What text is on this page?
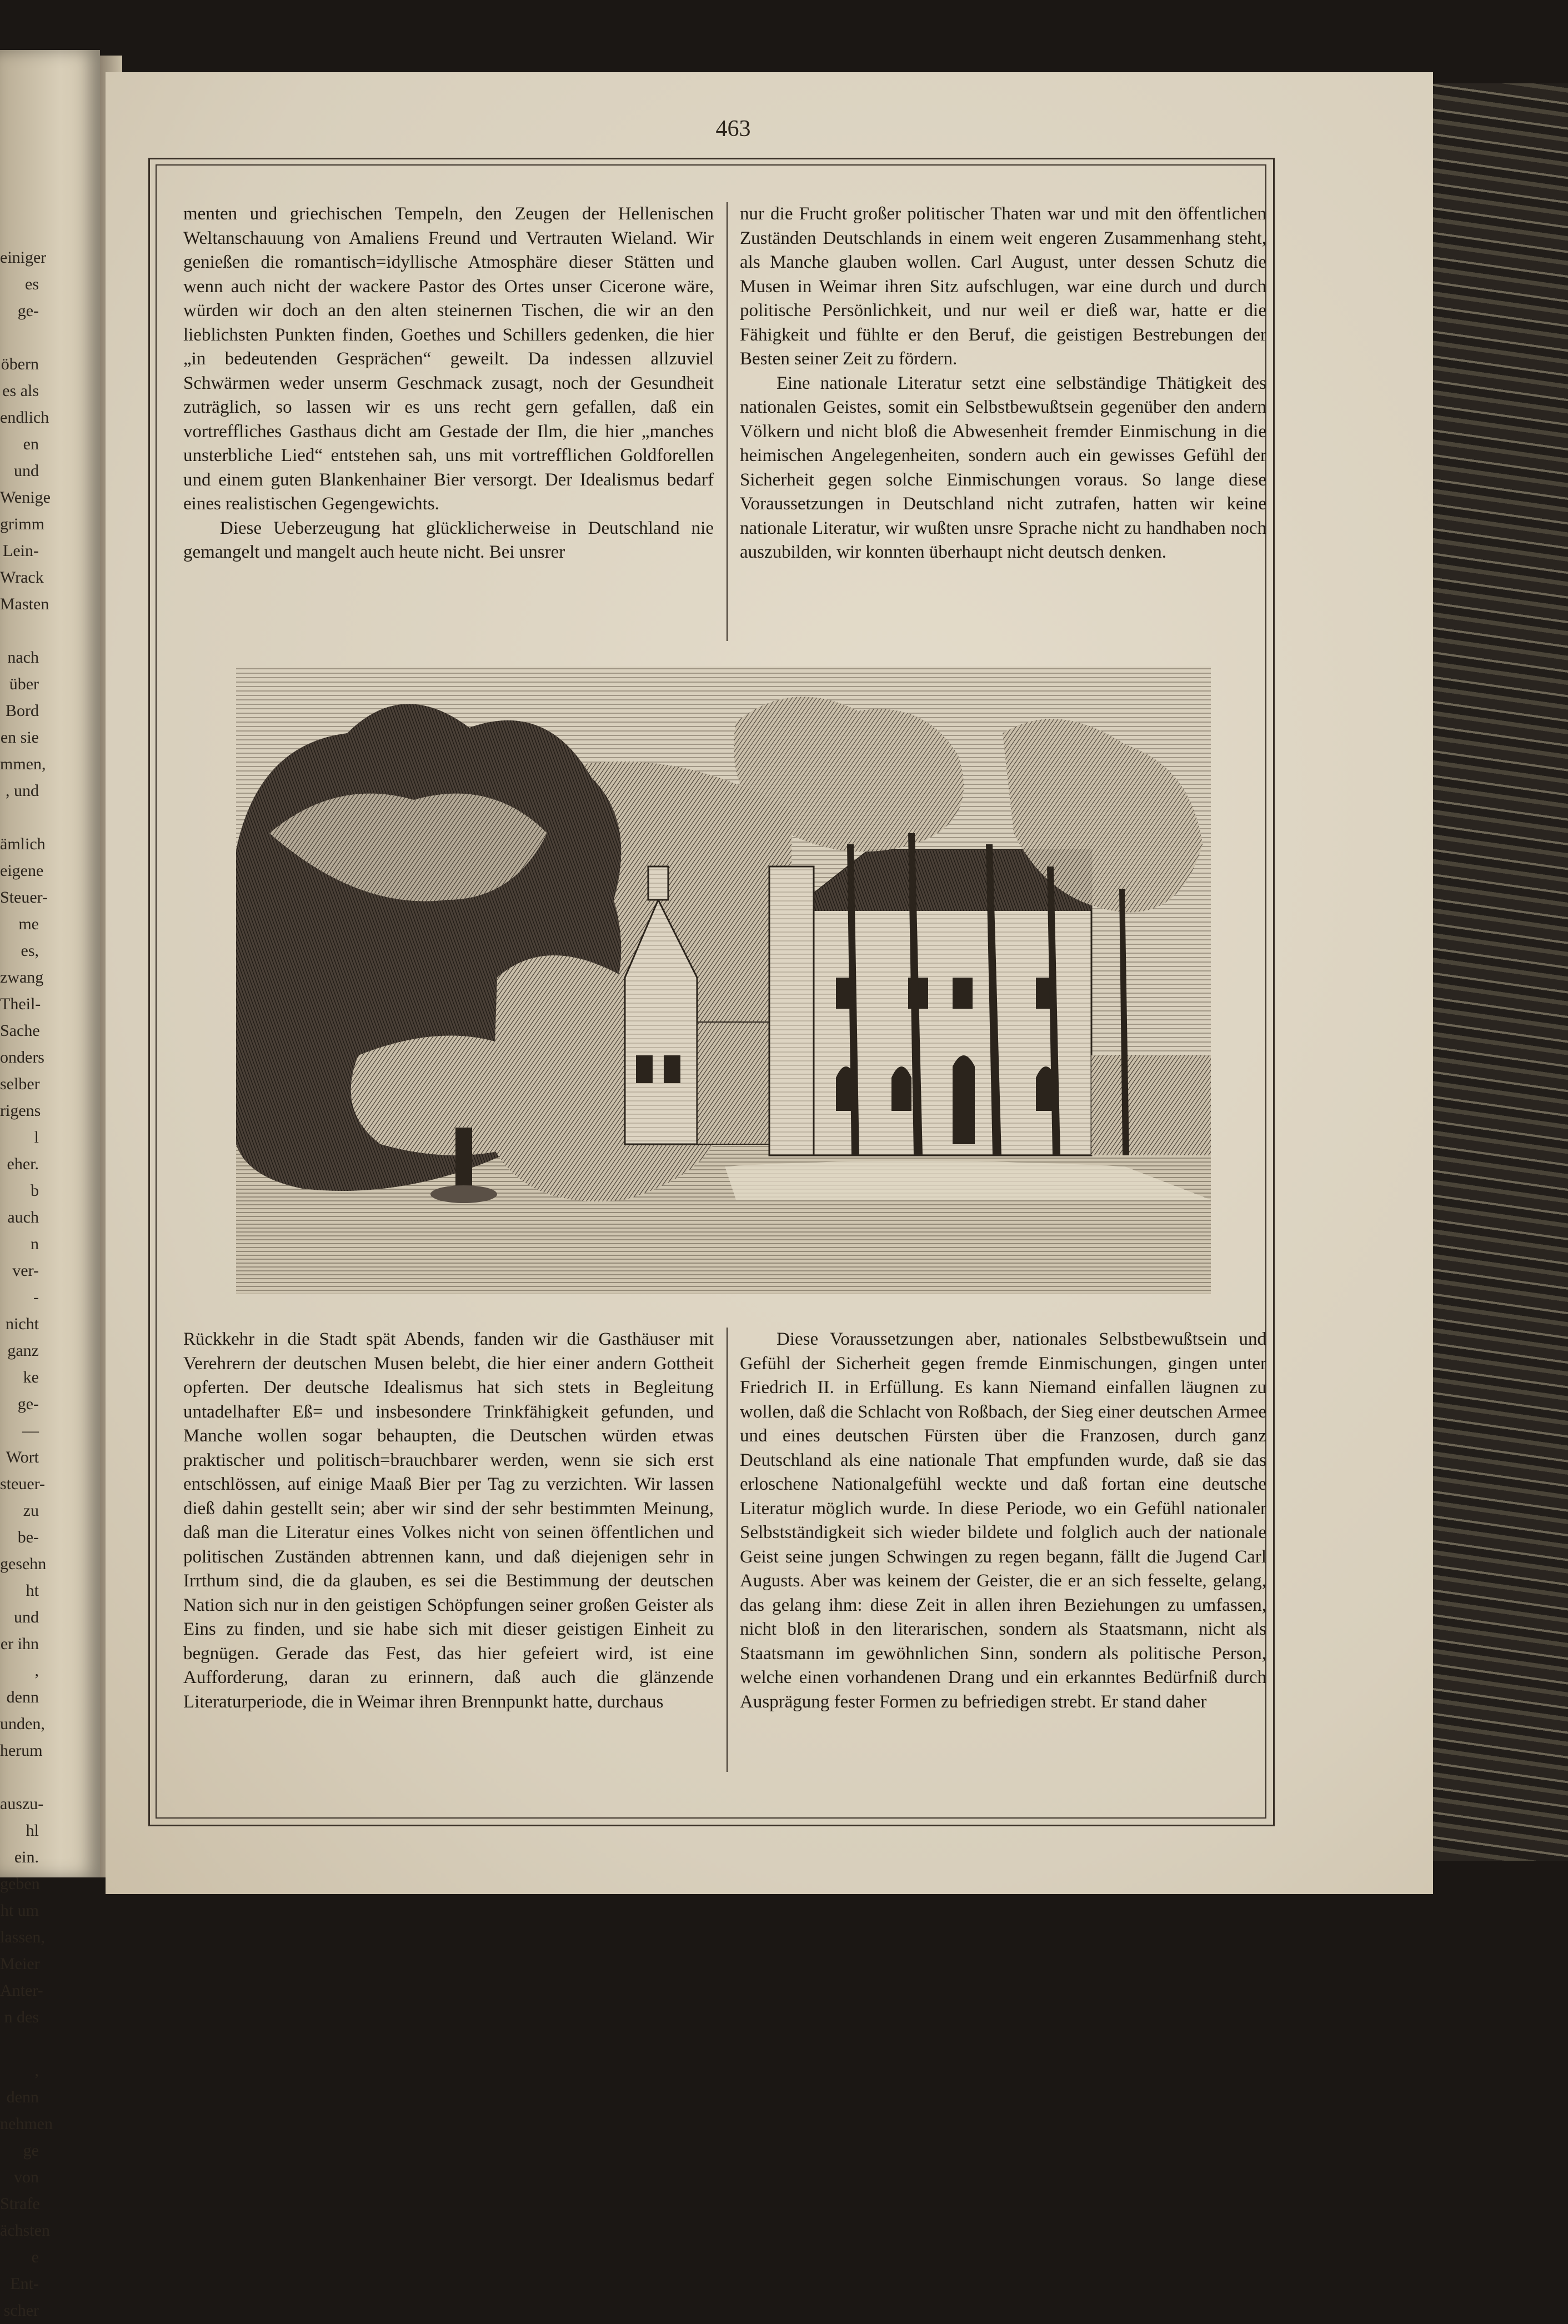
einiger
es ge-

öbern
es als
endlich
en und
Wenige
grimm
Lein-
Wrack
Masten

nach
über
Bord
en sie
mmen,
, und

ämlich
eigene
Steuer-
me es,
zwang
Theil-
Sache
onders
selber
rigens
l eher.
b auch
n ver-
- nicht
ganz
ke ge-
—
Wort
steuer-
zu be-
gesehn
ht und
er ihn
, denn
unden,
herum

auszu-
hl ein.
geben
ht um
lassen,
Meier
Anter-
n des

, denn
nehmen
ge von
Strafe
ächsten
e Ent-
scher
463

menten und griechischen Tempeln, den Zeugen der Hellenischen Weltanschauung von Amaliens Freund und Vertrauten Wieland. Wir genießen die romantisch=idyllische Atmosphäre dieser Stätten und wenn auch nicht der wackere Pastor des Ortes unser Cicerone wäre, würden wir doch an den alten steinernen Tischen, die wir an den lieblichsten Punkten finden, Goethes und Schillers gedenken, die hier „in bedeutenden Gesprächen“ geweilt. Da indessen allzuviel Schwärmen weder unserm Geschmack zusagt, noch der Gesundheit zuträglich, so lassen wir es uns recht gern gefallen, daß ein vortreffliches Gasthaus dicht am Gestade der Ilm, die hier „manches unsterbliche Lied“ entstehen sah, uns mit vortrefflichen Goldforellen und einem guten Blankenhainer Bier versorgt. Der Idealismus bedarf eines realistischen Gegengewichts.

Diese Ueberzeugung hat glücklicherweise in Deutschland nie gemangelt und mangelt auch heute nicht. Bei unsrer

nur die Frucht großer politischer Thaten war und mit den öffentlichen Zuständen Deutschlands in einem weit engeren Zusammenhang steht, als Manche glauben wollen. Carl August, unter dessen Schutz die Musen in Weimar ihren Sitz aufschlugen, war eine durch und durch politische Persönlichkeit, und nur weil er dieß war, hatte er die Fähigkeit und fühlte er den Beruf, die geistigen Bestrebungen der Besten seiner Zeit zu fördern.

Eine nationale Literatur setzt eine selbständige Thätigkeit des nationalen Geistes, somit ein Selbstbewußtsein gegenüber den andern Völkern und nicht bloß die Abwesenheit fremder Einmischung in die heimischen Angelegenheiten, sondern auch ein gewisses Gefühl der Sicherheit gegen solche Einmischungen voraus. So lange diese Voraussetzungen in Deutschland nicht zutrafen, hatten wir keine nationale Literatur, wir wußten unsre Sprache nicht zu handhaben noch auszubilden, wir konnten überhaupt nicht deutsch denken.

Rückkehr in die Stadt spät Abends, fanden wir die Gasthäuser mit Verehrern der deutschen Musen belebt, die hier einer andern Gottheit opferten. Der deutsche Idealismus hat sich stets in Begleitung untadelhafter Eß= und insbesondere Trinkfähigkeit gefunden, und Manche wollen sogar behaupten, die Deutschen würden etwas praktischer und politisch=brauchbarer werden, wenn sie sich erst entschlössen, auf einige Maaß Bier per Tag zu verzichten. Wir lassen dieß dahin gestellt sein; aber wir sind der sehr bestimmten Meinung, daß man die Literatur eines Volkes nicht von seinen öffentlichen und politischen Zuständen abtrennen kann, und daß diejenigen sehr in Irrthum sind, die da glauben, es sei die Bestimmung der deutschen Nation sich nur in den geistigen Schöpfungen seiner großen Geister als Eins zu finden, und sie habe sich mit dieser geistigen Einheit zu begnügen. Gerade das Fest, das hier gefeiert wird, ist eine Aufforderung, daran zu erinnern, daß auch die glänzende Literaturperiode, die in Weimar ihren Brennpunkt hatte, durchaus

Diese Voraussetzungen aber, nationales Selbstbewußtsein und Gefühl der Sicherheit gegen fremde Einmischungen, gingen unter Friedrich II. in Erfüllung. Es kann Niemand einfallen läugnen zu wollen, daß die Schlacht von Roßbach, der Sieg einer deutschen Armee und eines deutschen Fürsten über die Franzosen, durch ganz Deutschland als eine nationale That empfunden wurde, daß sie das erloschene Nationalgefühl weckte und daß fortan eine deutsche Literatur möglich wurde. In diese Periode, wo ein Gefühl nationaler Selbstständigkeit sich wieder bildete und folglich auch der nationale Geist seine jungen Schwingen zu regen begann, fällt die Jugend Carl Augusts. Aber was keinem der Geister, die er an sich fesselte, gelang, das gelang ihm: diese Zeit in allen ihren Beziehungen zu umfassen, nicht bloß in den literarischen, sondern als Staatsmann, nicht als Staatsmann im gewöhnlichen Sinn, sondern als politische Person, welche einen vorhandenen Drang und ein erkanntes Bedürfniß durch Ausprägung fester Formen zu befriedigen strebt. Er stand daher
